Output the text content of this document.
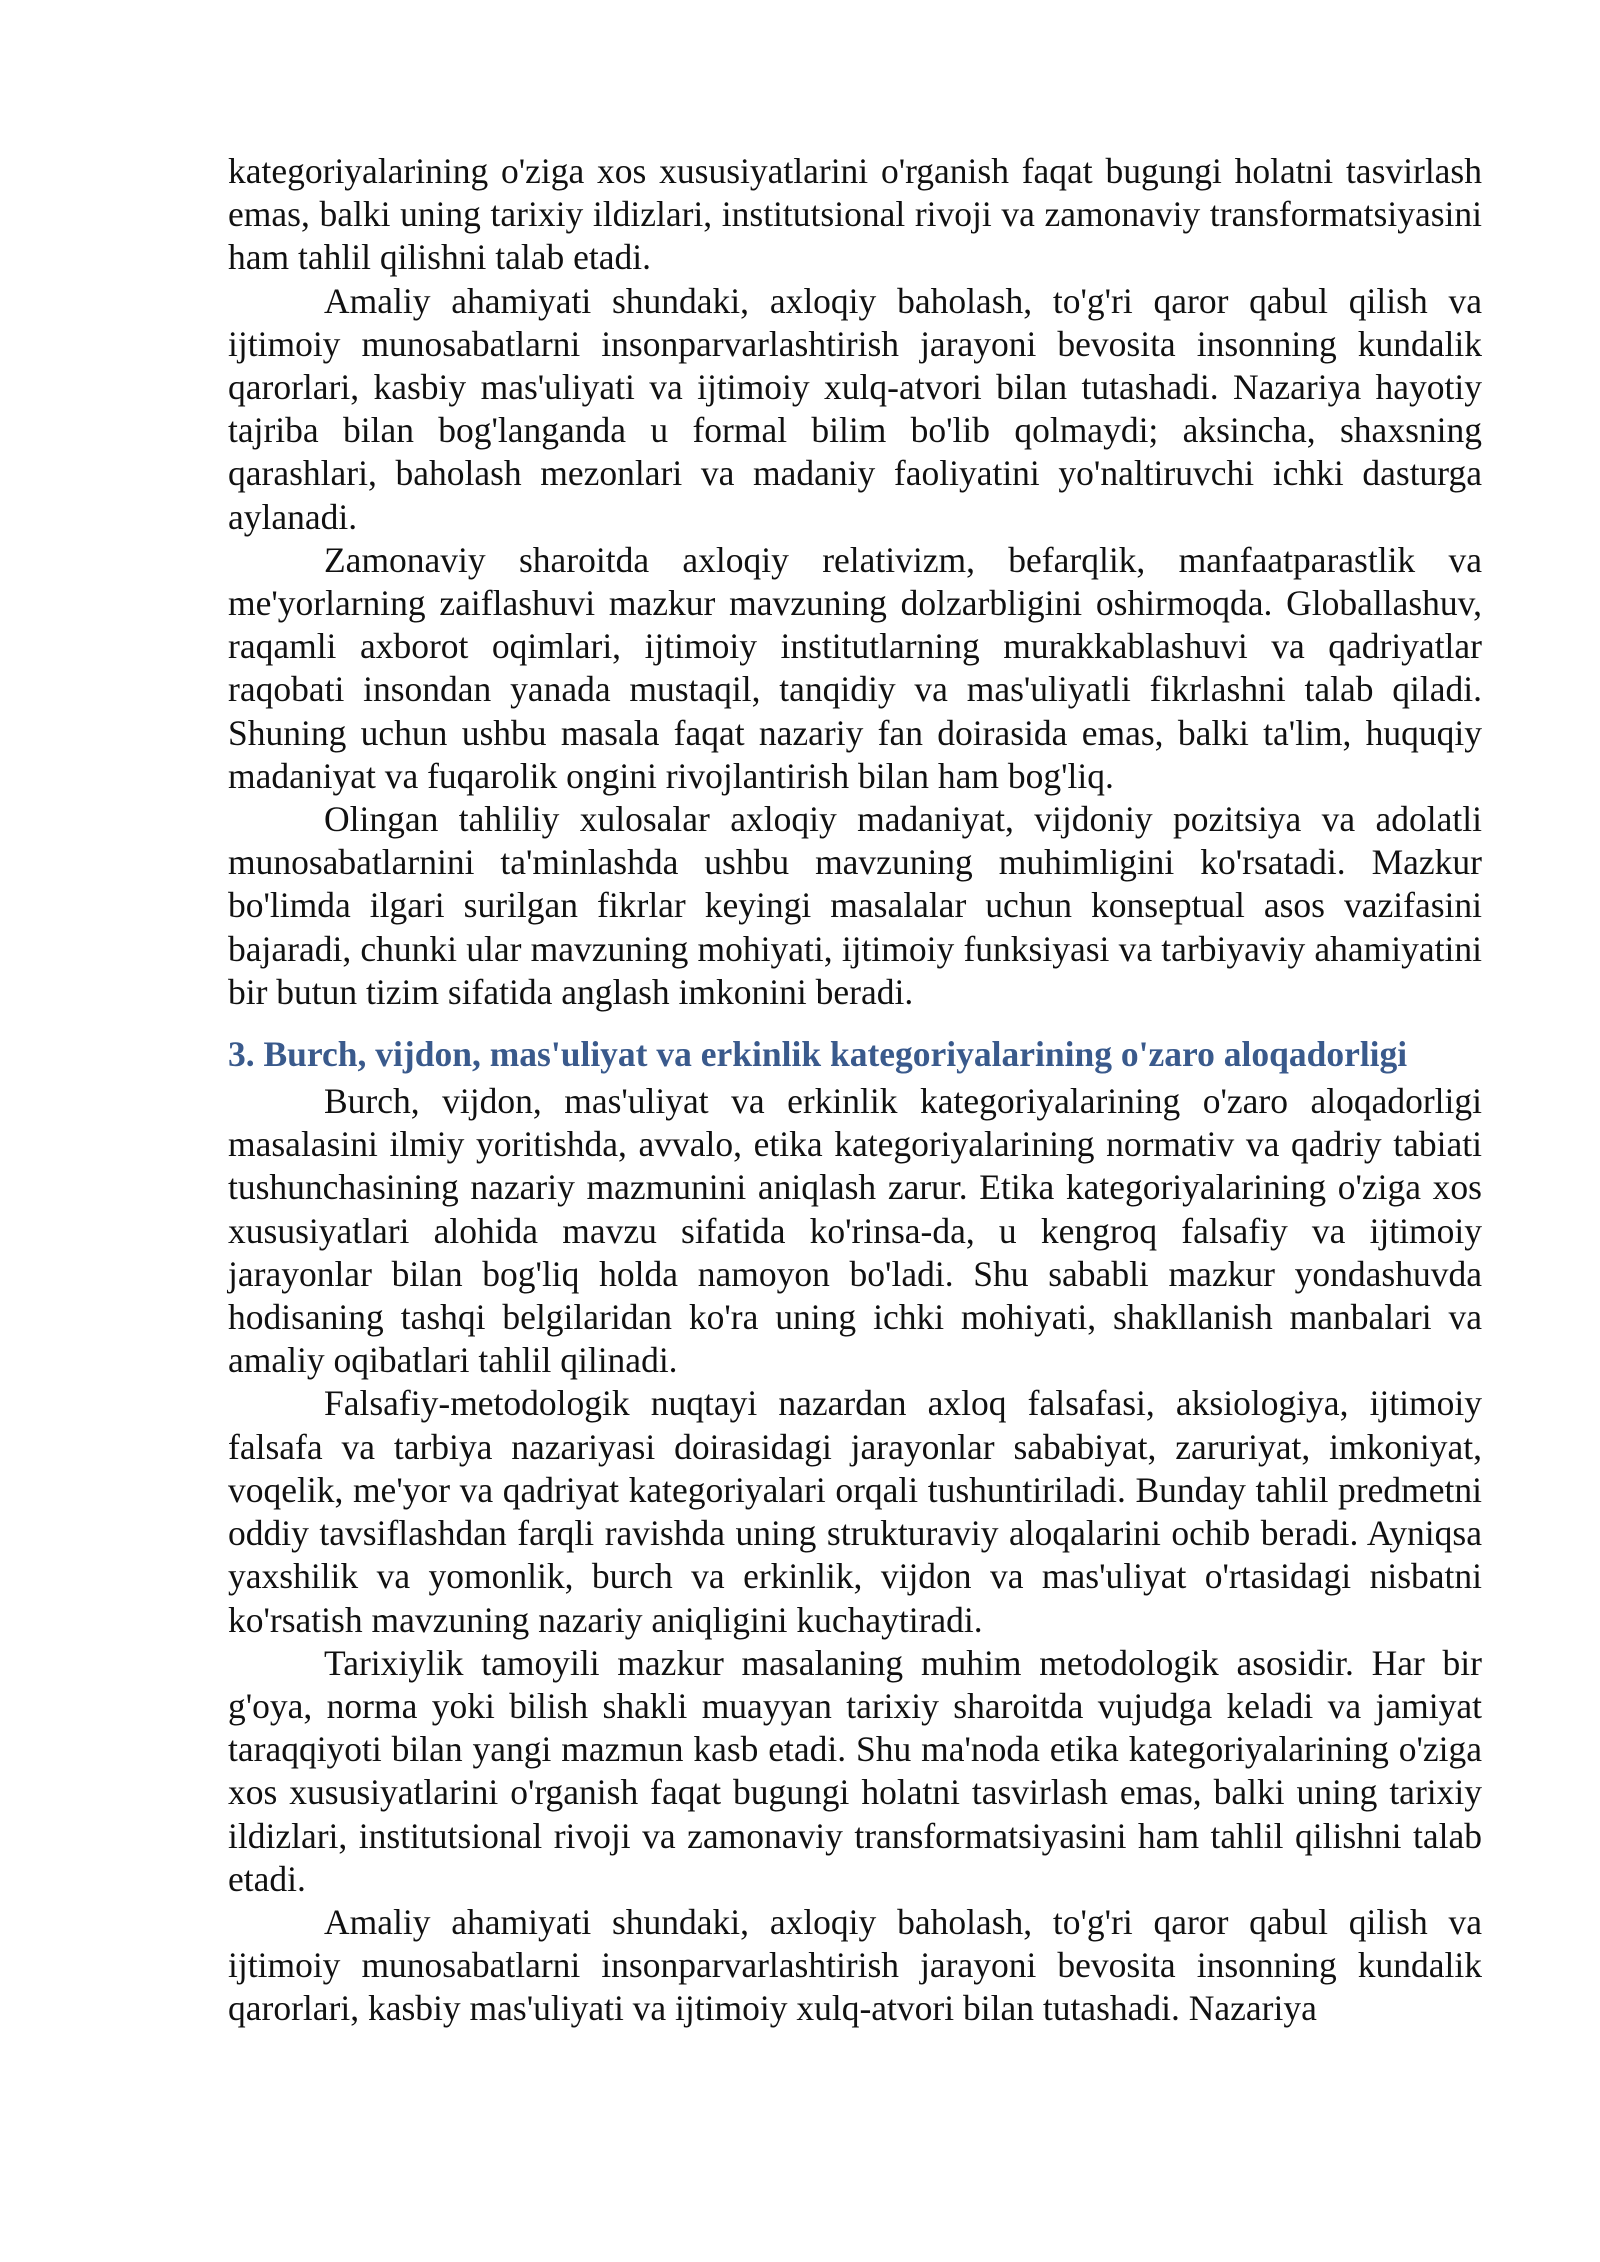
kategoriyalarining o'ziga xos xususiyatlarini o'rganish faqat bugungi holatni tasvirlash emas, balki uning tarixiy ildizlari, institutsional rivoji va zamonaviy transformatsiyasini ham tahlil qilishni talab etadi.

Amaliy ahamiyati shundaki, axloqiy baholash, to'g'ri qaror qabul qilish va ijtimoiy munosabatlarni insonparvarlashtirish jarayoni bevosita insonning kundalik qarorlari, kasbiy mas'uliyati va ijtimoiy xulq-atvori bilan tutashadi. Nazariya hayotiy tajriba bilan bog'langanda u formal bilim bo'lib qolmaydi; aksincha, shaxsning qarashlari, baholash mezonlari va madaniy faoliyatini yo'naltiruvchi ichki dasturga aylanadi.

Zamonaviy sharoitda axloqiy relativizm, befarqlik, manfaatparastlik va me'yorlarning zaiflashuvi mazkur mavzuning dolzarbligini oshirmoqda. Globallashuv, raqamli axborot oqimlari, ijtimoiy institutlarning murakkablashuvi va qadriyatlar raqobati insondan yanada mustaqil, tanqidiy va mas'uliyatli fikrlashni talab qiladi. Shuning uchun ushbu masala faqat nazariy fan doirasida emas, balki ta'lim, huquqiy madaniyat va fuqarolik ongini rivojlantirish bilan ham bog'liq.

Olingan tahliliy xulosalar axloqiy madaniyat, vijdoniy pozitsiya va adolatli munosabatlarnini ta'minlashda ushbu mavzuning muhimligini ko'rsatadi. Mazkur bo'limda ilgari surilgan fikrlar keyingi masalalar uchun konseptual asos vazifasini bajaradi, chunki ular mavzuning mohiyati, ijtimoiy funksiyasi va tarbiyaviy ahamiyatini bir butun tizim sifatida anglash imkonini beradi.

3. Burch, vijdon, mas'uliyat va erkinlik kategoriyalarining o'zaro aloqadorligi

Burch, vijdon, mas'uliyat va erkinlik kategoriyalarining o'zaro aloqadorligi masalasini ilmiy yoritishda, avvalo, etika kategoriyalarining normativ va qadriy tabiati tushunchasining nazariy mazmunini aniqlash zarur. Etika kategoriyalarining o'ziga xos xususiyatlari alohida mavzu sifatida ko'rinsa-da, u kengroq falsafiy va ijtimoiy jarayonlar bilan bog'liq holda namoyon bo'ladi. Shu sababli mazkur yondashuvda hodisaning tashqi belgilaridan ko'ra uning ichki mohiyati, shakllanish manbalari va amaliy oqibatlari tahlil qilinadi.

Falsafiy-metodologik nuqtayi nazardan axloq falsafasi, aksiologiya, ijtimoiy falsafa va tarbiya nazariyasi doirasidagi jarayonlar sababiyat, zaruriyat, imkoniyat, voqelik, me'yor va qadriyat kategoriyalari orqali tushuntiriladi. Bunday tahlil predmetni oddiy tavsiflashdan farqli ravishda uning strukturaviy aloqalarini ochib beradi. Ayniqsa yaxshilik va yomonlik, burch va erkinlik, vijdon va mas'uliyat o'rtasidagi nisbatni ko'rsatish mavzuning nazariy aniqligini kuchaytiradi.

Tarixiylik tamoyili mazkur masalaning muhim metodologik asosidir. Har bir g'oya, norma yoki bilish shakli muayyan tarixiy sharoitda vujudga keladi va jamiyat taraqqiyoti bilan yangi mazmun kasb etadi. Shu ma'noda etika kategoriyalarining o'ziga xos xususiyatlarini o'rganish faqat bugungi holatni tasvirlash emas, balki uning tarixiy ildizlari, institutsional rivoji va zamonaviy transformatsiyasini ham tahlil qilishni talab etadi.

Amaliy ahamiyati shundaki, axloqiy baholash, to'g'ri qaror qabul qilish va ijtimoiy munosabatlarni insonparvarlashtirish jarayoni bevosita insonning kundalik qarorlari, kasbiy mas'uliyati va ijtimoiy xulq-atvori bilan tutashadi. Nazariya
